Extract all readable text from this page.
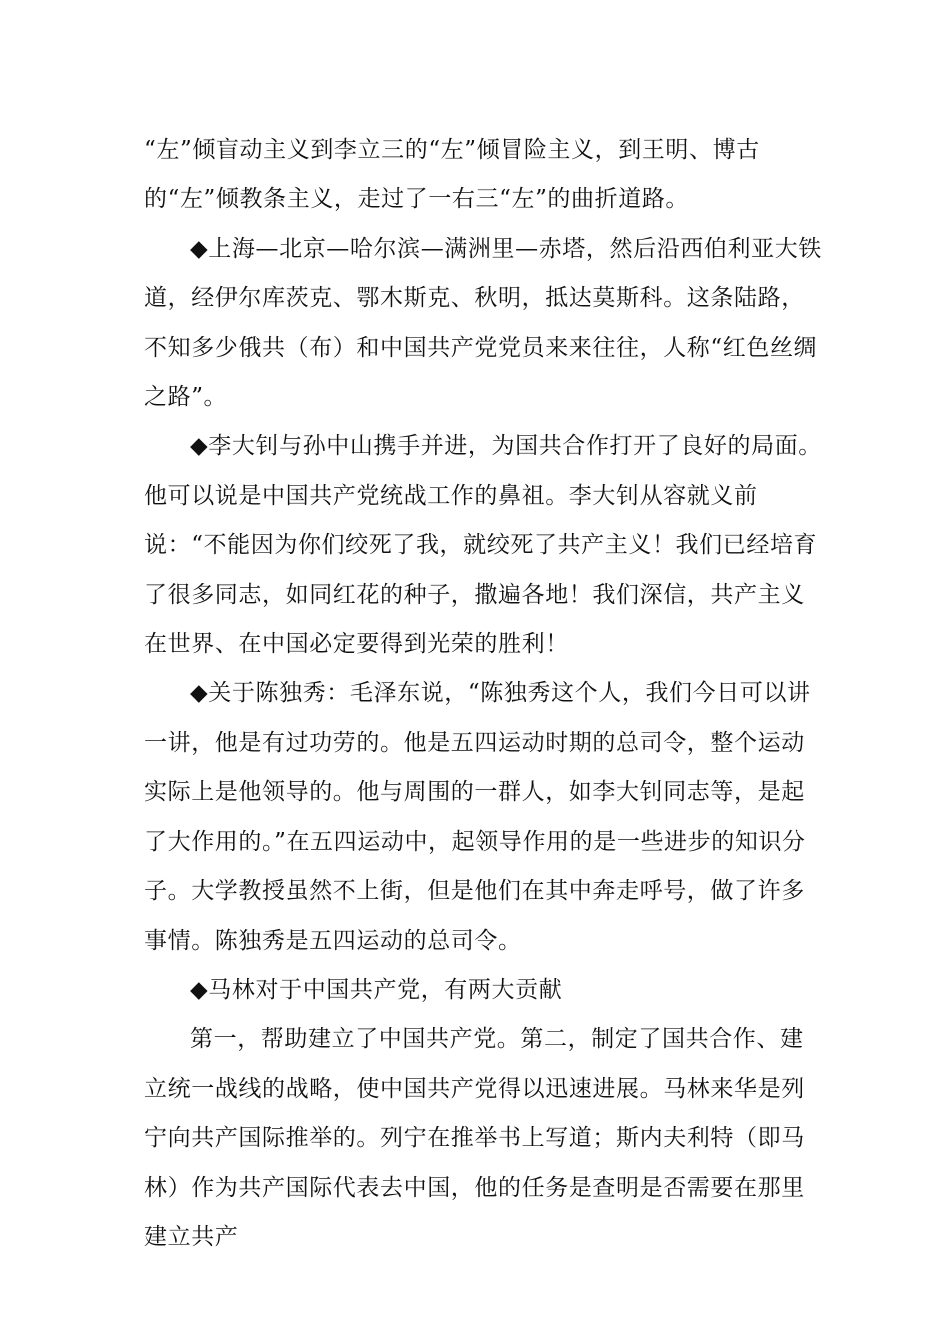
“左”倾盲动主义到李立三的“左”倾冒险主义，到王明、博古的“左”倾教条主义，走过了一右三“左”的曲折道路。

◆上海—北京—哈尔滨—满洲里—赤塔，然后沿西伯利亚大铁道，经伊尔库茨克、鄂木斯克、秋明，抵达莫斯科。这条陆路，不知多少俄共（布）和中国共产党党员来来往往，人称“红色丝绸之路”。

◆李大钊与孙中山携手并进，为国共合作打开了良好的局面。他可以说是中国共产党统战工作的鼻祖。李大钊从容就义前说：“不能因为你们绞死了我，就绞死了共产主义！我们已经培育了很多同志，如同红花的种子，撒遍各地！我们深信，共产主义在世界、在中国必定要得到光荣的胜利！

◆关于陈独秀：毛泽东说，“陈独秀这个人，我们今日可以讲一讲，他是有过功劳的。他是五四运动时期的总司令，整个运动实际上是他领导的。他与周围的一群人，如李大钊同志等，是起了大作用的。”在五四运动中，起领导作用的是一些进步的知识分子。大学教授虽然不上街，但是他们在其中奔走呼号，做了许多事情。陈独秀是五四运动的总司令。

◆马林对于中国共产党，有两大贡献

第一，帮助建立了中国共产党。第二，制定了国共合作、建立统一战线的战略，使中国共产党得以迅速进展。马林来华是列宁向共产国际推举的。列宁在推举书上写道；斯内夫利特（即马林）作为共产国际代表去中国，他的任务是查明是否需要在那里建立共产
